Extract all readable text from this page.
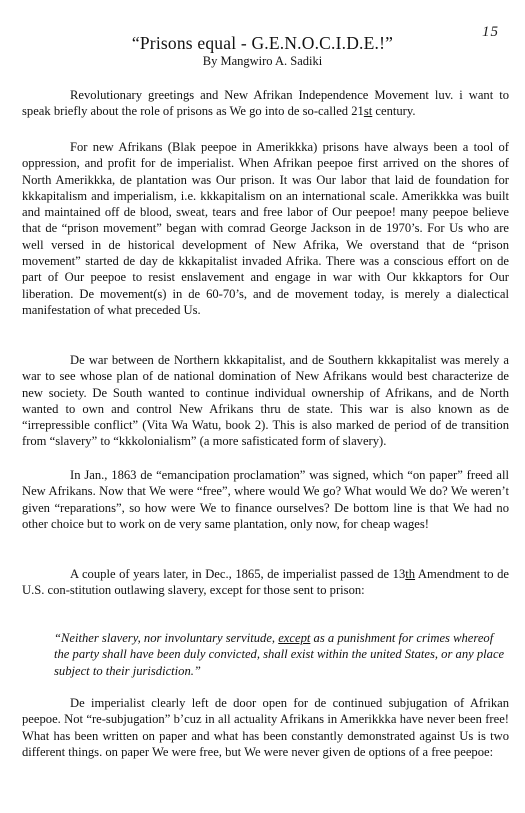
15
“Prisons equal - G.E.N.O.C.I.D.E.!”
By Mangwiro A. Sadiki

Revolutionary greetings and New Afrikan Independence Movement luv. i want to speak briefly about the role of prisons as We go into de so-called 21st century.

For new Afrikans (Blak peepoe in Amerikkka) prisons have always been a tool of oppression, and profit for de imperialist. When Afrikan peepoe first arrived on the shores of North Amerikkka, de plantation was Our prison. It was Our labor that laid de foundation for kkkapitalism and imperialism, i.e. kkkapitalism on an international scale. Amerikkka was built and maintained off de blood, sweat, tears and free labor of Our peepoe! many peepoe believe that de “prison movement” began with comrad George Jackson in de 1970’s. For Us who are well versed in de historical development of New Afrika, We overstand that de “prison movement” started de day de kkkapitalist invaded Afrika. There was a conscious effort on de part of Our peepoe to resist enslavement and engage in war with Our kkkaptors for Our liberation. De movement(s) in de 60-70’s, and de movement today, is merely a dialectical manifestation of what preceded Us.

De war between de Northern kkkapitalist, and de Southern kkkapitalist was merely a war to see whose plan of de national domination of New Afrikans would best characterize de new society. De South wanted to continue individual ownership of Afrikans, and de North wanted to own and control New Afrikans thru de state. This war is also known as de “irrepressible conflict” (Vita Wa Watu, book 2). This is also marked de period of de transition from “slavery” to “kkkolonialism” (a more safisticated form of slavery).

In Jan., 1863 de “emancipation proclamation” was signed, which “on paper” freed all New Afrikans. Now that We were “free”, where would We go? What would We do? We weren’t given “reparations”, so how were We to finance ourselves? De bottom line is that We had no other choice but to work on de very same plantation, only now, for cheap wages!

A couple of years later, in Dec., 1865, de imperialist passed de 13th Amendment to de U.S. con-stitution outlawing slavery, except for those sent to prison:

“Neither slavery, nor involuntary servitude, except as a punishment for crimes whereof the party shall have been duly convicted, shall exist within the united States, or any place subject to their jurisdiction.”

De imperialist clearly left de door open for de continued subjugation of Afrikan peepoe. Not “re-subjugation” b’cuz in all actuality Afrikans in Amerikkka have never been free! What has been written on paper and what has been constantly demonstrated against Us is two different things. on paper We were free, but We were never given de options of a free peepoe:
